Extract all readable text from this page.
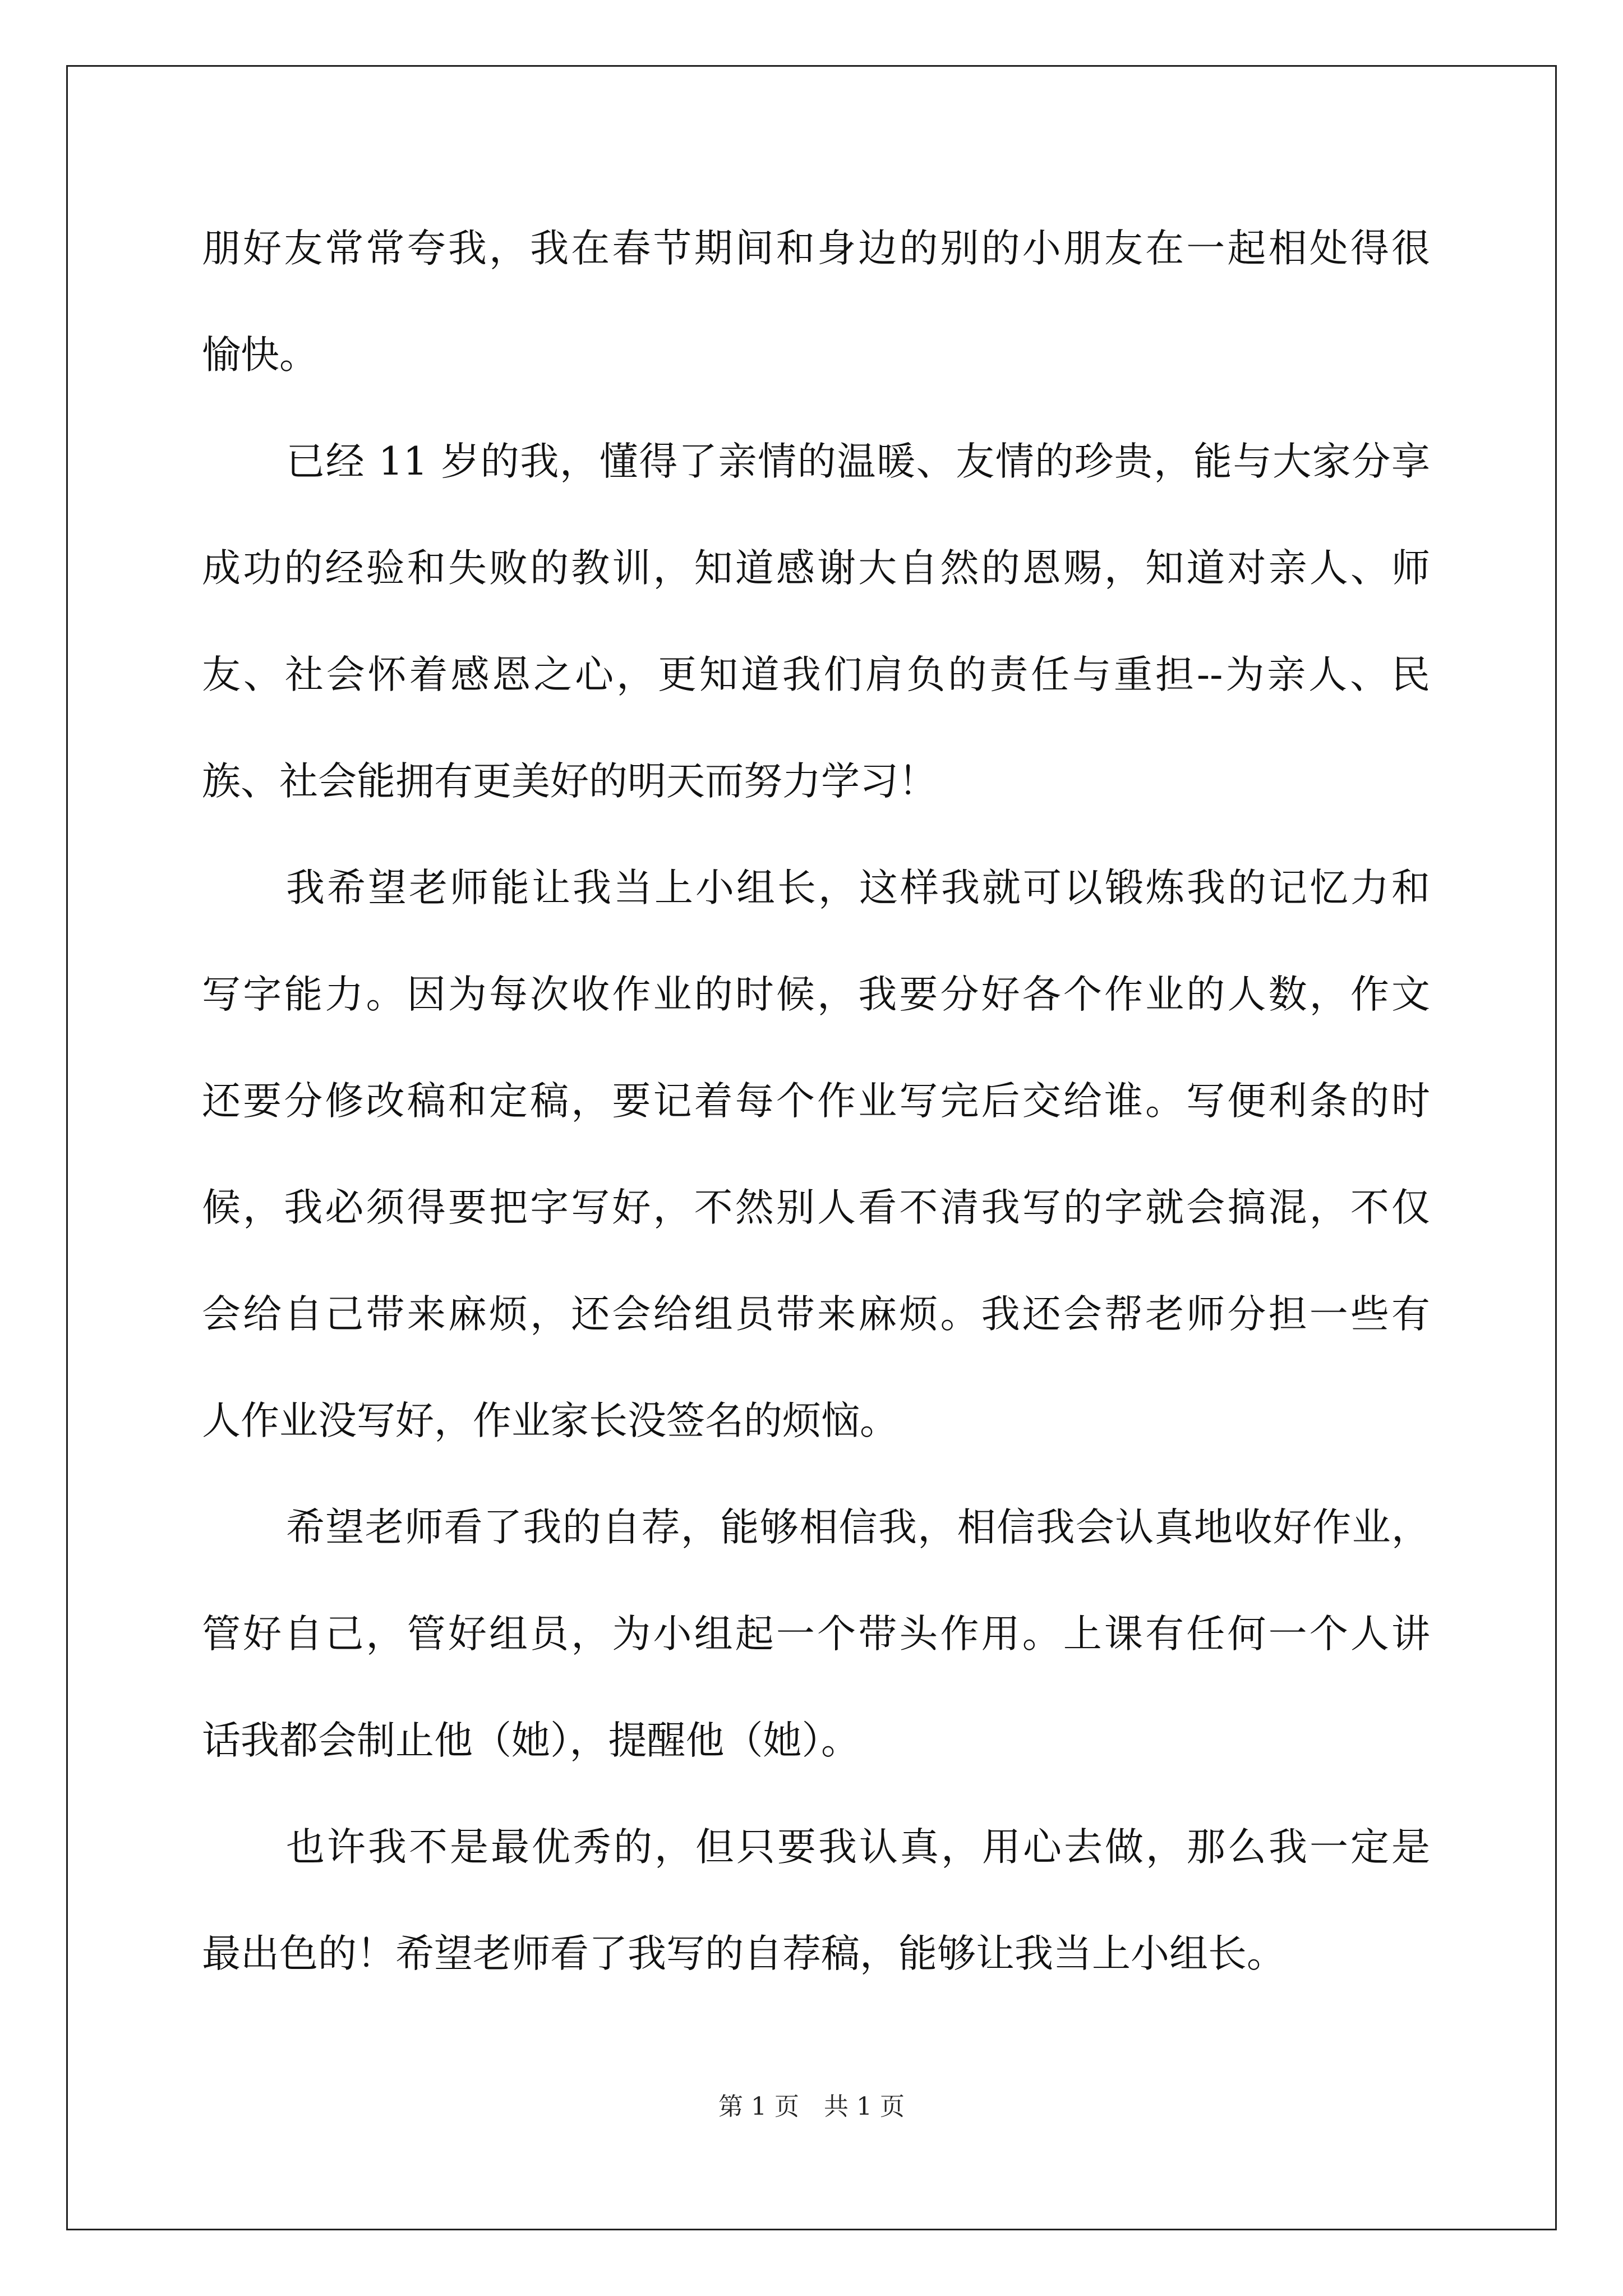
朋好友常常夸我，我在春节期间和身边的别的小朋友在一起相处得很
愉快。
已经 11 岁的我，懂得了亲情的温暖、友情的珍贵，能与大家分享
成功的经验和失败的教训，知道感谢大自然的恩赐，知道对亲人、师
友、社会怀着感恩之心，更知道我们肩负的责任与重担--为亲人、民
族、社会能拥有更美好的明天而努力学习！
我希望老师能让我当上小组长，这样我就可以锻炼我的记忆力和
写字能力。因为每次收作业的时候，我要分好各个作业的人数，作文
还要分修改稿和定稿，要记着每个作业写完后交给谁。写便利条的时
候，我必须得要把字写好，不然别人看不清我写的字就会搞混，不仅
会给自己带来麻烦，还会给组员带来麻烦。我还会帮老师分担一些有
人作业没写好，作业家长没签名的烦恼。
希望老师看了我的自荐，能够相信我，相信我会认真地收好作业，
管好自己，管好组员，为小组起一个带头作用。上课有任何一个人讲
话我都会制止他（她），提醒他（她）。
也许我不是最优秀的，但只要我认真，用心去做，那么我一定是
最出色的！希望老师看了我写的自荐稿，能够让我当上小组长。
第 1 页　共 1 页
